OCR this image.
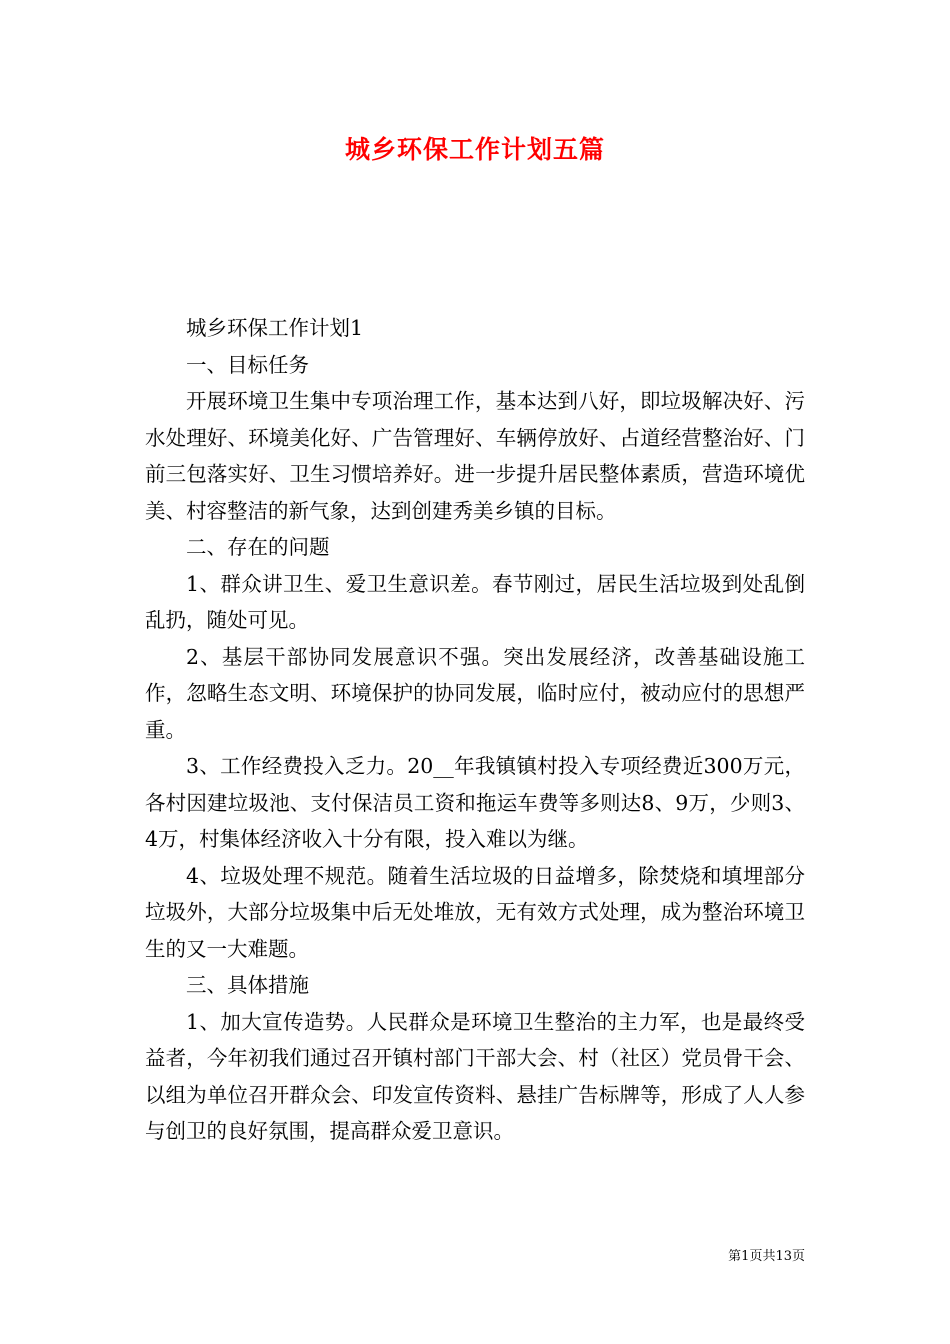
城乡环保工作计划五篇

城乡环保工作计划1

一、目标任务

开展环境卫生集中专项治理工作，基本达到八好，即垃圾解决好、污水处理好、环境美化好、广告管理好、车辆停放好、占道经营整治好、门前三包落实好、卫生习惯培养好。进一步提升居民整体素质，营造环境优美、村容整洁的新气象，达到创建秀美乡镇的目标。

二、存在的问题

1、群众讲卫生、爱卫生意识差。春节刚过，居民生活垃圾到处乱倒乱扔，随处可见。

2、基层干部协同发展意识不强。突出发展经济，改善基础设施工作，忽略生态文明、环境保护的协同发展，临时应付，被动应付的思想严重。

3、工作经费投入乏力。20__年我镇镇村投入专项经费近300万元，各村因建垃圾池、支付保洁员工资和拖运车费等多则达8、9万，少则3、4万，村集体经济收入十分有限，投入难以为继。

4、垃圾处理不规范。随着生活垃圾的日益增多，除焚烧和填埋部分垃圾外，大部分垃圾集中后无处堆放，无有效方式处理，成为整治环境卫生的又一大难题。

三、具体措施

1、加大宣传造势。人民群众是环境卫生整治的主力军，也是最终受益者，今年初我们通过召开镇村部门干部大会、村（社区）党员骨干会、以组为单位召开群众会、印发宣传资料、悬挂广告标牌等，形成了人人参与创卫的良好氛围，提高群众爱卫意识。

第1页共13页
